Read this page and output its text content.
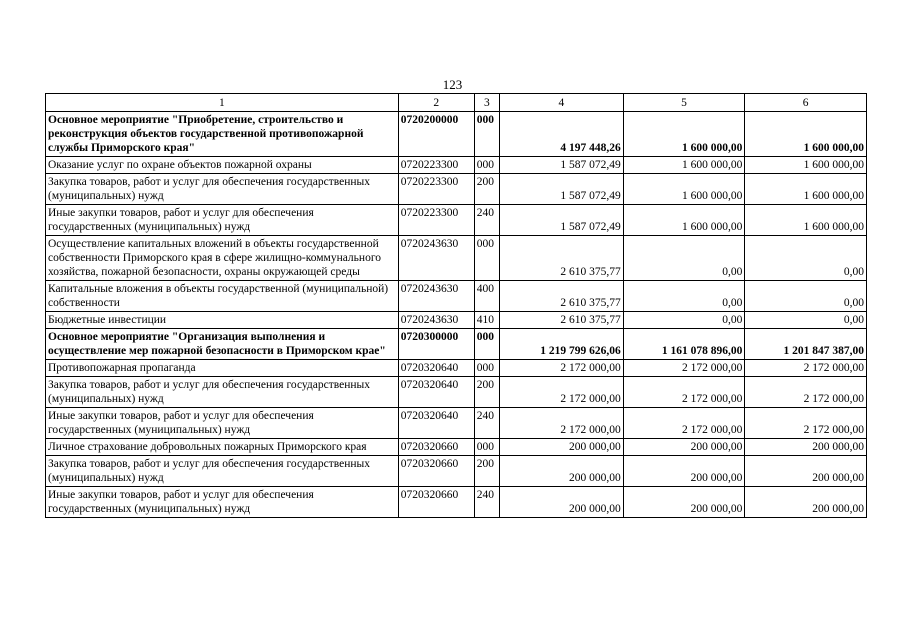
123
1	2	3	4	5	6
Основное мероприятие "Приобретение, строительство и реконструкция объектов государственной противопожарной службы Приморского края"	0720200000	000	4 197 448,26	1 600 000,00	1 600 000,00
Оказание услуг по охране объектов пожарной охраны	0720223300	000	1 587 072,49	1 600 000,00	1 600 000,00
Закупка товаров, работ и услуг для обеспечения государственных (муниципальных) нужд	0720223300	200	1 587 072,49	1 600 000,00	1 600 000,00
Иные закупки товаров, работ и услуг для обеспечения государственных (муниципальных) нужд	0720223300	240	1 587 072,49	1 600 000,00	1 600 000,00
Осуществление капитальных вложений в объекты государственной собственности Приморского края в сфере жилищно-коммунального хозяйства, пожарной безопасности, охраны окружающей среды	0720243630	000	2 610 375,77	0,00	0,00
Капитальные вложения в объекты государственной (муниципальной) собственности	0720243630	400	2 610 375,77	0,00	0,00
Бюджетные инвестиции	0720243630	410	2 610 375,77	0,00	0,00
Основное мероприятие "Организация выполнения и осуществление мер пожарной безопасности в Приморском крае"	0720300000	000	1 219 799 626,06	1 161 078 896,00	1 201 847 387,00
Противопожарная пропаганда	0720320640	000	2 172 000,00	2 172 000,00	2 172 000,00
Закупка товаров, работ и услуг для обеспечения государственных (муниципальных) нужд	0720320640	200	2 172 000,00	2 172 000,00	2 172 000,00
Иные закупки товаров, работ и услуг для обеспечения государственных (муниципальных) нужд	0720320640	240	2 172 000,00	2 172 000,00	2 172 000,00
Личное страхование добровольных пожарных Приморского края	0720320660	000	200 000,00	200 000,00	200 000,00
Закупка товаров, работ и услуг для обеспечения государственных (муниципальных) нужд	0720320660	200	200 000,00	200 000,00	200 000,00
Иные закупки товаров, работ и услуг для обеспечения государственных (муниципальных) нужд	0720320660	240	200 000,00	200 000,00	200 000,00
